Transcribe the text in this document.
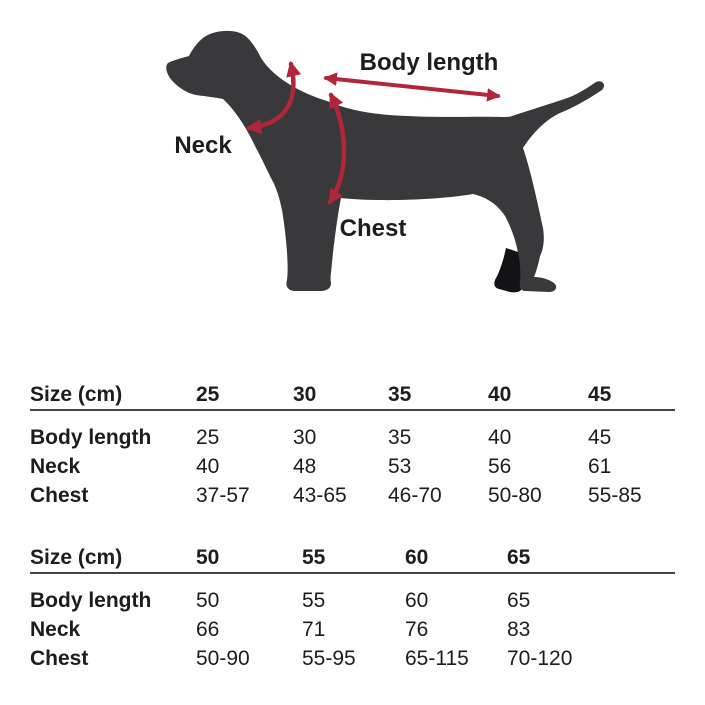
Body length
Neck
Chest
Size (cm)	25	30	35	40	45
Body length	25	30	35	40	45
Neck	40	48	53	56	61
Chest	37-57	43-65	46-70	50-80	55-85
Size (cm)	50	55	60	65
Body length	50	55	60	65
Neck	66	71	76	83
Chest	50-90	55-95	65-115	70-120
